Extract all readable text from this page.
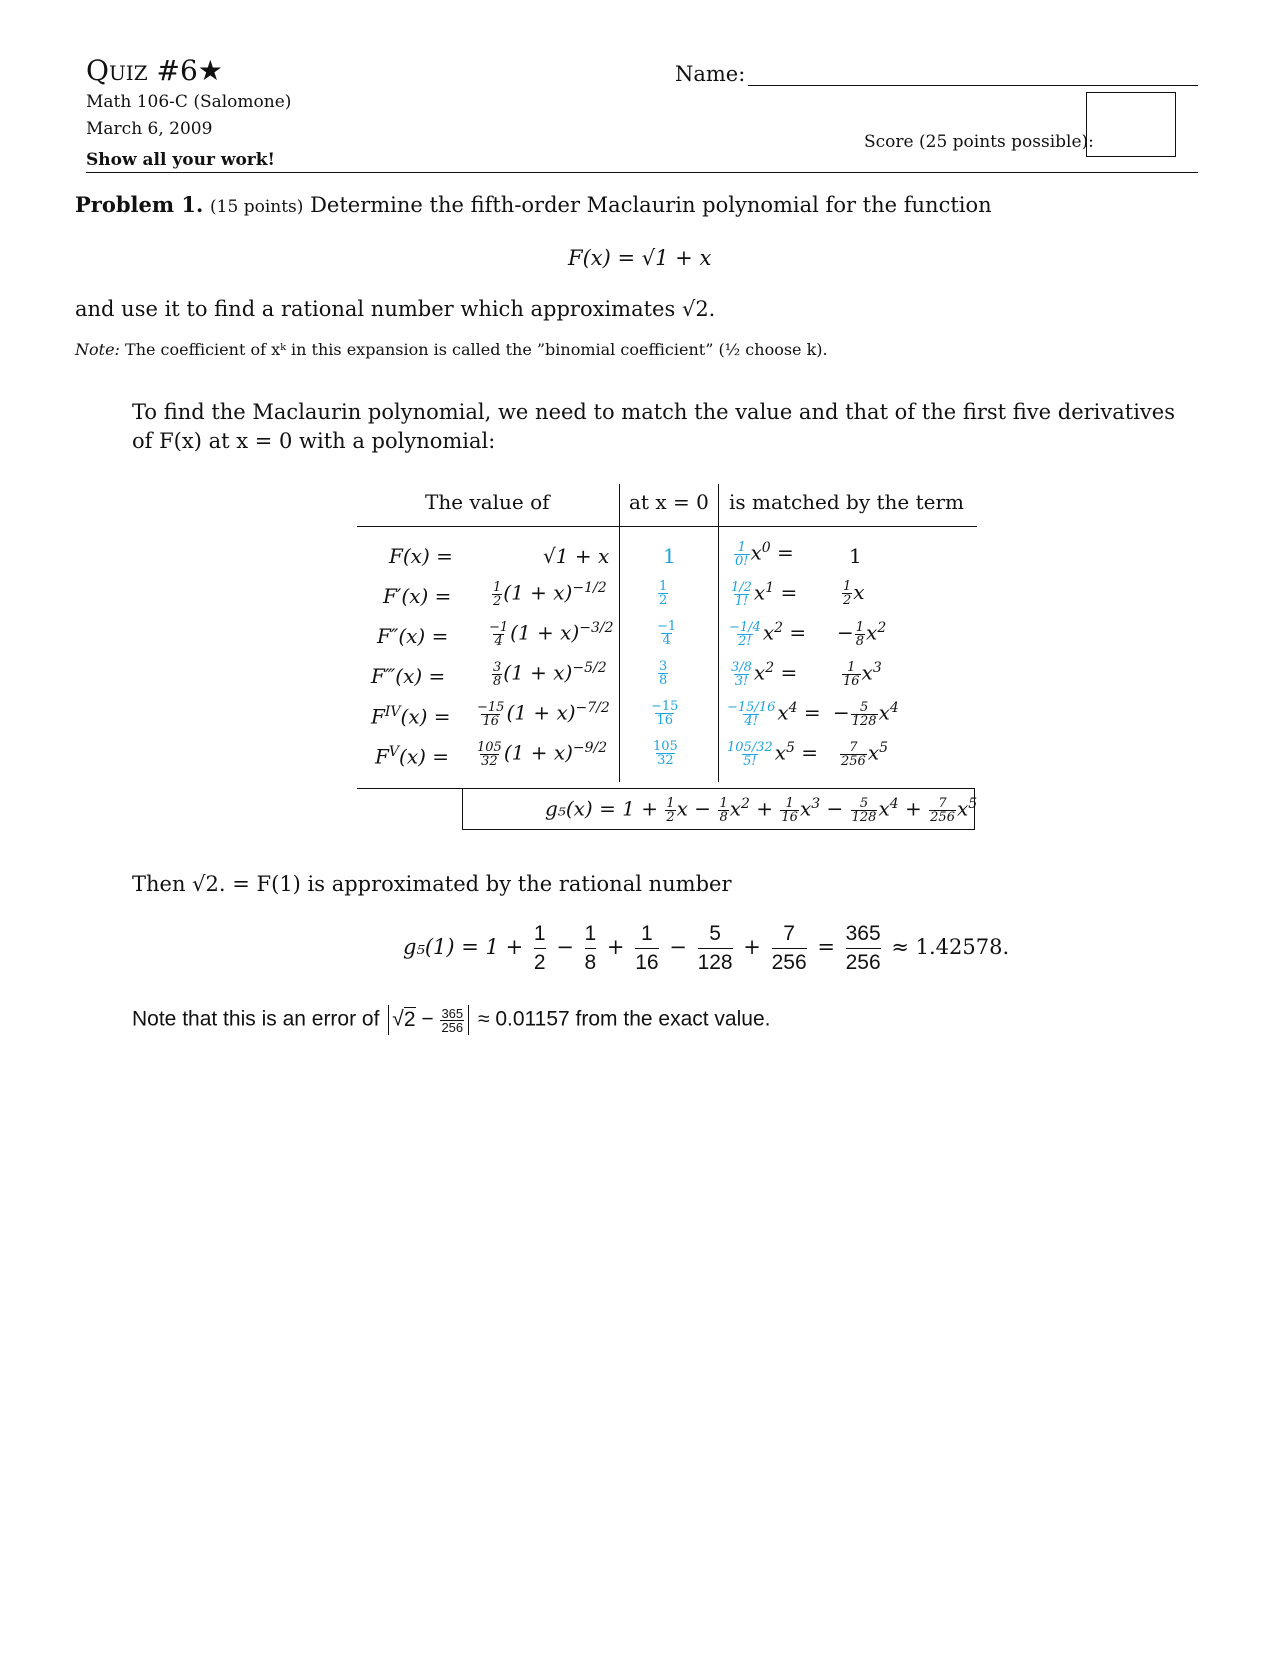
Quiz #6★
Math 106-C (Salomone)
March 6, 2009
Show all your work!
Name:
Score (25 points possible):
Problem 1. (15 points) Determine the fifth-order Maclaurin polynomial for the function
F(x) = √1 + x
and use it to find a rational number which approximates √2.
Note: The coefficient of xᵏ in this expansion is called the ”binomial coefficient” (½ choose k).
To find the Maclaurin polynomial, we need to match the value and that of the first five derivatives of F(x) at x = 0 with a polynomial:
The value of	at x = 0 is matched by the term
F(x) =	√1 + x	1	$\frac{1}{0!} x^0$ =	1
F′(x) =	$\frac{1}{2} (1 + x)^{-1/2}$	$\frac{1}{2}$	$\frac{1/2}{1!} x^1$ =	$\frac{1}{2}$ x
F″(x) =	$\frac{-1}{4} (1 + x)^{-3/2}$	$\frac{-1}{4}$	$\frac{-1/4}{2!} x^2$ = − $\frac{1}{8} x^2$
F‴(x) =	$\frac{3}{8} (1 + x)^{-5/2}$	$\frac{3}{8}$	$\frac{3/8}{3!} x^2$ =	$\frac{1}{16} x^3$
$F^{IV}(x) = \frac{-15}{16} (1 + x)^{-7/2}$	$\frac{-15}{16}$	$\frac{-15/16}{4!} x^4$ = − $\frac{5}{128} x^4$
$F^V(x) = \frac{105}{32} (1 + x)^{-9/2}$	$\frac{105}{32}$	$\frac{105/32}{5!} x^5 = \frac{7}{256} x^5$
$g_5(x) = 1 + \frac{1}{2}$ $x - \frac{1}{8} x^2 + \frac{1}{16} x^3 - \frac{5}{128} x^4 + \frac{7}{256} x^5$
Then √2. = F(1) is approximated by the rational number
$g_5(1) = 1 + \frac{1}{2} - \frac{1}{8} + \frac{1}{16} - \frac{5}{128} + \frac{7}{256} = \frac{365}{256} \approx 1.42578$.
Note that this is an error of $√2 - \frac{365}{256} \approx 0.01157$ from the exact value.
